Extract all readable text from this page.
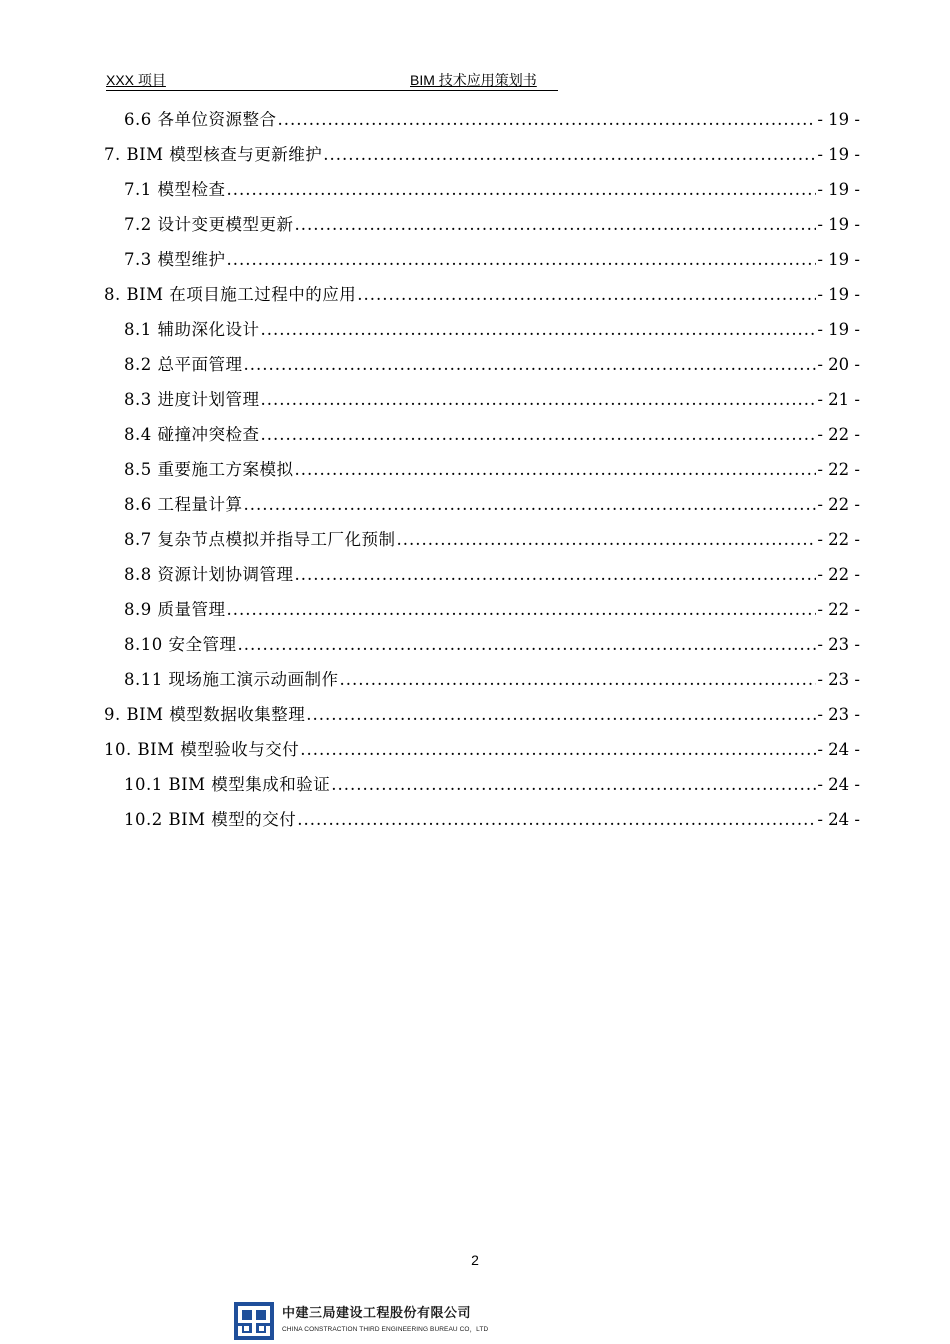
XXX 项目	BIM 技术应用策划书
6.6 各单位资源整合 .....	- 19 -
7. BIM 模型核查与更新维护 .....	- 19 -
7.1 模型检查 .....	- 19 -
7.2 设计变更模型更新 .....	- 19 -
7.3 模型维护 .....	- 19 -
8. BIM 在项目施工过程中的应用 .....	- 19 -
8.1 辅助深化设计 .....	- 19 -
8.2 总平面管理 .....	- 20 -
8.3 进度计划管理 .....	- 21 -
8.4 碰撞冲突检查 .....	- 22 -
8.5 重要施工方案模拟 .....	- 22 -
8.6 工程量计算 .....	- 22 -
8.7 复杂节点模拟并指导工厂化预制 .....	- 22 -
8.8 资源计划协调管理 .....	- 22 -
8.9 质量管理 .....	- 22 -
8.10 安全管理 .....	- 23 -
8.11 现场施工演示动画制作 .....	- 23 -
9. BIM 模型数据收集整理 .....	- 23 -
10. BIM 模型验收与交付 .....	- 24 -
10.1 BIM 模型集成和验证 .....	- 24 -
10.2 BIM 模型的交付 .....	- 24 -
2
中建三局建设工程股份有限公司
CHINA CONSTRACTION THIRD ENGINEERING BUREAU CO，LTD
